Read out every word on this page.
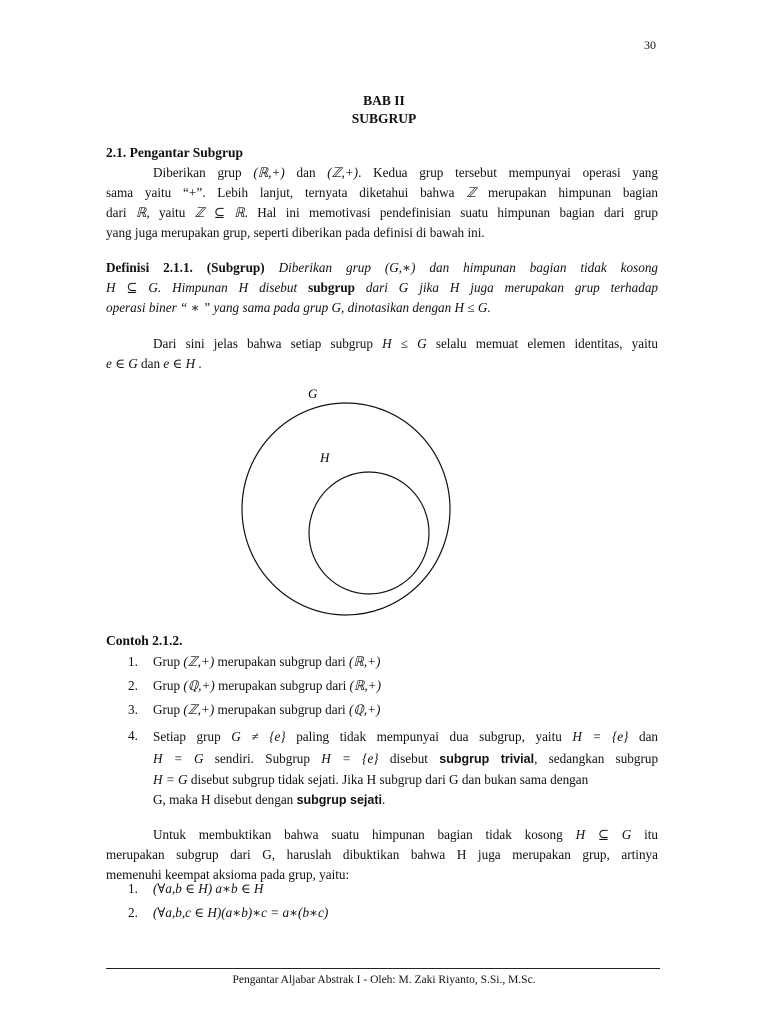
30
BAB II
SUBGRUP
2.1. Pengantar Subgrup

Diberikan grup (ℝ,+) dan (ℤ,+). Kedua grup tersebut mempunyai operasi yang

sama yaitu “+”. Lebih lanjut, ternyata diketahui bahwa ℤ merupakan himpunan bagian

dari ℝ, yaitu ℤ ⊆ ℝ. Hal ini memotivasi pendefinisian suatu himpunan bagian dari grup

yang juga merupakan grup, seperti diberikan pada definisi di bawah ini.

Definisi 2.1.1. (Subgrup) Diberikan grup (G,∗) dan himpunan bagian tidak kosong

H ⊆ G. Himpunan H disebut subgrup dari G jika H juga merupakan grup terhadap

operasi biner “ ∗ ” yang sama pada grup G, dinotasikan dengan H ≤ G.

Dari sini jelas bahwa setiap subgrup H ≤ G selalu memuat elemen identitas, yaitu

e ∈ G dan e ∈ H .

G
H
Contoh 2.1.2.
1. Grup (ℤ,+) merupakan subgrup dari (ℝ,+)
2. Grup (ℚ,+) merupakan subgrup dari (ℝ,+)
3. Grup (ℤ,+) merupakan subgrup dari (ℚ,+)
4. Setiap grup G ≠ {e} paling tidak mempunyai dua subgrup, yaitu H = {e} dan
H = G sendiri. Subgrup H = {e} disebut subgrup trivial, sedangkan subgrup
H = G disebut subgrup tidak sejati. Jika H subgrup dari G dan bukan sama dengan
G, maka H disebut dengan subgrup sejati.

Untuk membuktikan bahwa suatu himpunan bagian tidak kosong H ⊆ G itu

merupakan subgrup dari G, haruslah dibuktikan bahwa H juga merupakan grup, artinya

memenuhi keempat aksioma pada grup, yaitu:

1. (∀a,b ∈ H) a∗b ∈ H
2. (∀a,b,c ∈ H)(a∗b)∗c = a∗(b∗c)
Pengantar Aljabar Abstrak I - Oleh: M. Zaki Riyanto, S.Si., M.Sc.
